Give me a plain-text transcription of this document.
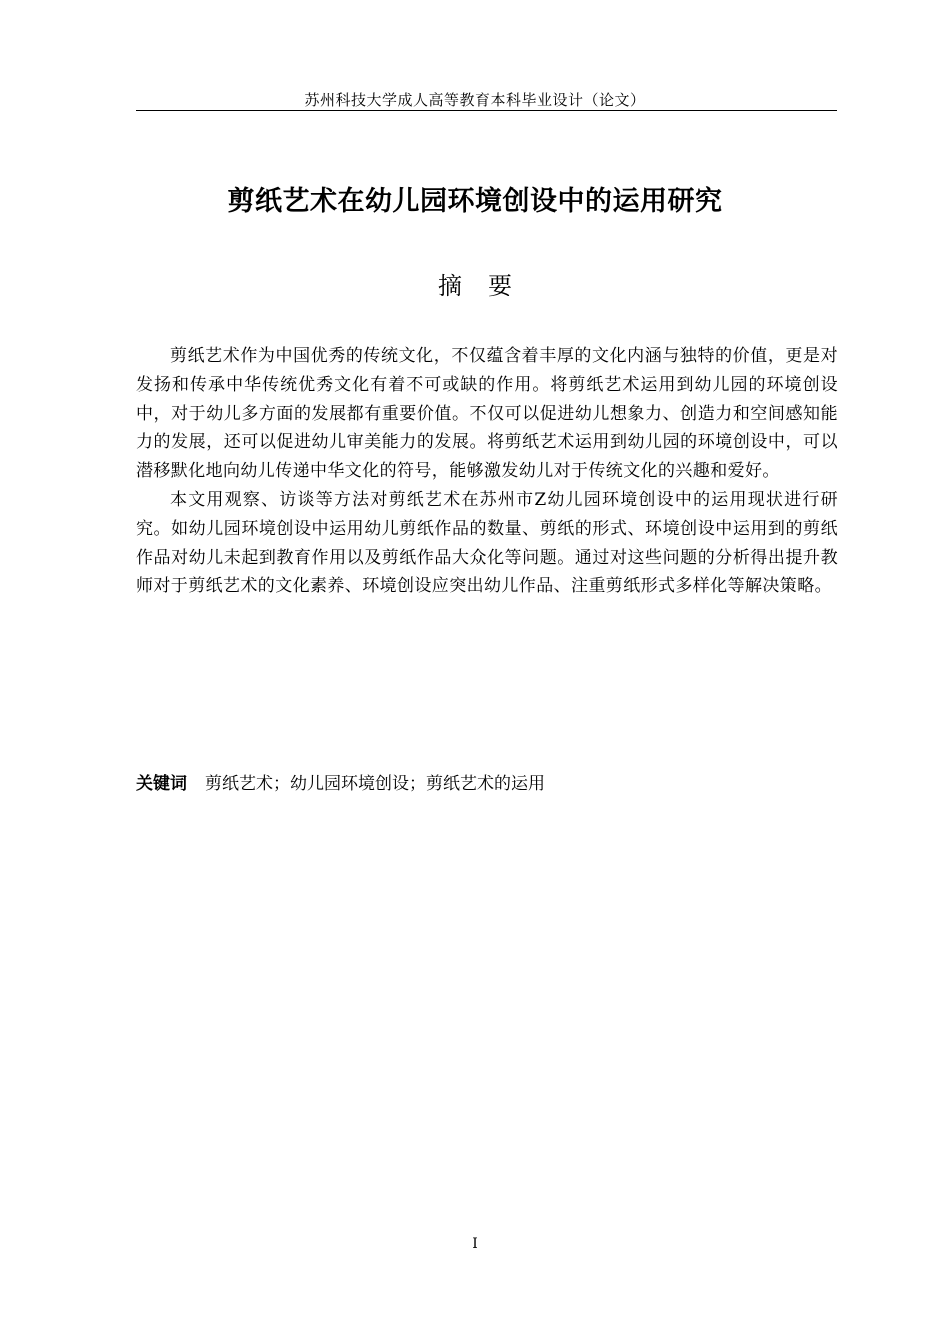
苏州科技大学成人高等教育本科毕业设计（论文）
剪纸艺术在幼儿园环境创设中的运用研究
摘要

剪纸艺术作为中国优秀的传统文化，不仅蕴含着丰厚的文化内涵与独特的价值，更是对发扬和传承中华传统优秀文化有着不可或缺的作用。将剪纸艺术运用到幼儿园的环境创设中，对于幼儿多方面的发展都有重要价值。不仅可以促进幼儿想象力、创造力和空间感知能力的发展，还可以促进幼儿审美能力的发展。将剪纸艺术运用到幼儿园的环境创设中，可以潜移默化地向幼儿传递中华文化的符号，能够激发幼儿对于传统文化的兴趣和爱好。

本文用观察、访谈等方法对剪纸艺术在苏州市Z幼儿园环境创设中的运用现状进行研究。如幼儿园环境创设中运用幼儿剪纸作品的数量、剪纸的形式、环境创设中运用到的剪纸作品对幼儿未起到教育作用以及剪纸作品大众化等问题。通过对这些问题的分析得出提升教师对于剪纸艺术的文化素养、环境创设应突出幼儿作品、注重剪纸形式多样化等解决策略。

关键词 剪纸艺术；幼儿园环境创设；剪纸艺术的运用
I
